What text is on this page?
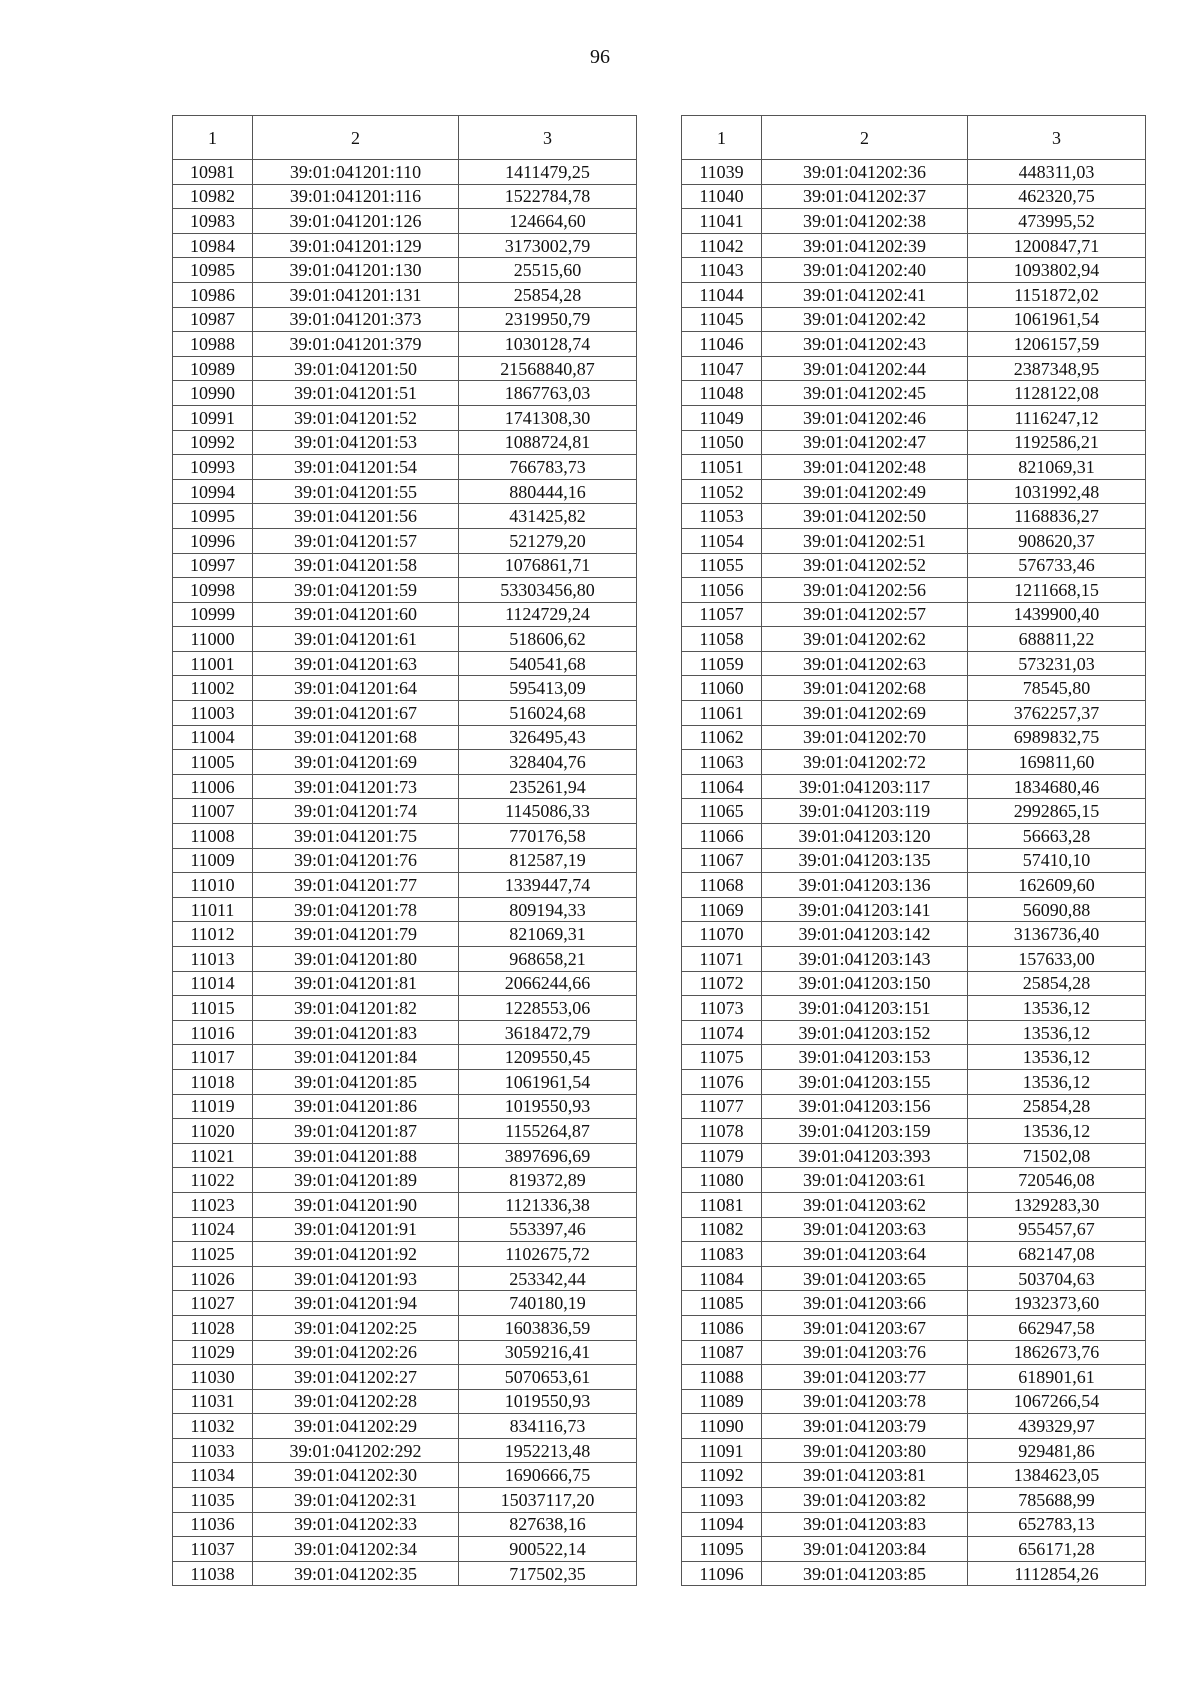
96
1	2	3
10981	39:01:041201:110	1411479,25
10982	39:01:041201:116	1522784,78
10983	39:01:041201:126	124664,60
10984	39:01:041201:129	3173002,79
10985	39:01:041201:130	25515,60
10986	39:01:041201:131	25854,28
10987	39:01:041201:373	2319950,79
10988	39:01:041201:379	1030128,74
10989	39:01:041201:50	21568840,87
10990	39:01:041201:51	1867763,03
10991	39:01:041201:52	1741308,30
10992	39:01:041201:53	1088724,81
10993	39:01:041201:54	766783,73
10994	39:01:041201:55	880444,16
10995	39:01:041201:56	431425,82
10996	39:01:041201:57	521279,20
10997	39:01:041201:58	1076861,71
10998	39:01:041201:59	53303456,80
10999	39:01:041201:60	1124729,24
11000	39:01:041201:61	518606,62
11001	39:01:041201:63	540541,68
11002	39:01:041201:64	595413,09
11003	39:01:041201:67	516024,68
11004	39:01:041201:68	326495,43
11005	39:01:041201:69	328404,76
11006	39:01:041201:73	235261,94
11007	39:01:041201:74	1145086,33
11008	39:01:041201:75	770176,58
11009	39:01:041201:76	812587,19
11010	39:01:041201:77	1339447,74
11011	39:01:041201:78	809194,33
11012	39:01:041201:79	821069,31
11013	39:01:041201:80	968658,21
11014	39:01:041201:81	2066244,66
11015	39:01:041201:82	1228553,06
11016	39:01:041201:83	3618472,79
11017	39:01:041201:84	1209550,45
11018	39:01:041201:85	1061961,54
11019	39:01:041201:86	1019550,93
11020	39:01:041201:87	1155264,87
11021	39:01:041201:88	3897696,69
11022	39:01:041201:89	819372,89
11023	39:01:041201:90	1121336,38
11024	39:01:041201:91	553397,46
11025	39:01:041201:92	1102675,72
11026	39:01:041201:93	253342,44
11027	39:01:041201:94	740180,19
11028	39:01:041202:25	1603836,59
11029	39:01:041202:26	3059216,41
11030	39:01:041202:27	5070653,61
11031	39:01:041202:28	1019550,93
11032	39:01:041202:29	834116,73
11033	39:01:041202:292	1952213,48
11034	39:01:041202:30	1690666,75
11035	39:01:041202:31	15037117,20
11036	39:01:041202:33	827638,16
11037	39:01:041202:34	900522,14
11038	39:01:041202:35	717502,35
1	2	3
11039	39:01:041202:36	448311,03
11040	39:01:041202:37	462320,75
11041	39:01:041202:38	473995,52
11042	39:01:041202:39	1200847,71
11043	39:01:041202:40	1093802,94
11044	39:01:041202:41	1151872,02
11045	39:01:041202:42	1061961,54
11046	39:01:041202:43	1206157,59
11047	39:01:041202:44	2387348,95
11048	39:01:041202:45	1128122,08
11049	39:01:041202:46	1116247,12
11050	39:01:041202:47	1192586,21
11051	39:01:041202:48	821069,31
11052	39:01:041202:49	1031992,48
11053	39:01:041202:50	1168836,27
11054	39:01:041202:51	908620,37
11055	39:01:041202:52	576733,46
11056	39:01:041202:56	1211668,15
11057	39:01:041202:57	1439900,40
11058	39:01:041202:62	688811,22
11059	39:01:041202:63	573231,03
11060	39:01:041202:68	78545,80
11061	39:01:041202:69	3762257,37
11062	39:01:041202:70	6989832,75
11063	39:01:041202:72	169811,60
11064	39:01:041203:117	1834680,46
11065	39:01:041203:119	2992865,15
11066	39:01:041203:120	56663,28
11067	39:01:041203:135	57410,10
11068	39:01:041203:136	162609,60
11069	39:01:041203:141	56090,88
11070	39:01:041203:142	3136736,40
11071	39:01:041203:143	157633,00
11072	39:01:041203:150	25854,28
11073	39:01:041203:151	13536,12
11074	39:01:041203:152	13536,12
11075	39:01:041203:153	13536,12
11076	39:01:041203:155	13536,12
11077	39:01:041203:156	25854,28
11078	39:01:041203:159	13536,12
11079	39:01:041203:393	71502,08
11080	39:01:041203:61	720546,08
11081	39:01:041203:62	1329283,30
11082	39:01:041203:63	955457,67
11083	39:01:041203:64	682147,08
11084	39:01:041203:65	503704,63
11085	39:01:041203:66	1932373,60
11086	39:01:041203:67	662947,58
11087	39:01:041203:76	1862673,76
11088	39:01:041203:77	618901,61
11089	39:01:041203:78	1067266,54
11090	39:01:041203:79	439329,97
11091	39:01:041203:80	929481,86
11092	39:01:041203:81	1384623,05
11093	39:01:041203:82	785688,99
11094	39:01:041203:83	652783,13
11095	39:01:041203:84	656171,28
11096	39:01:041203:85	1112854,26
